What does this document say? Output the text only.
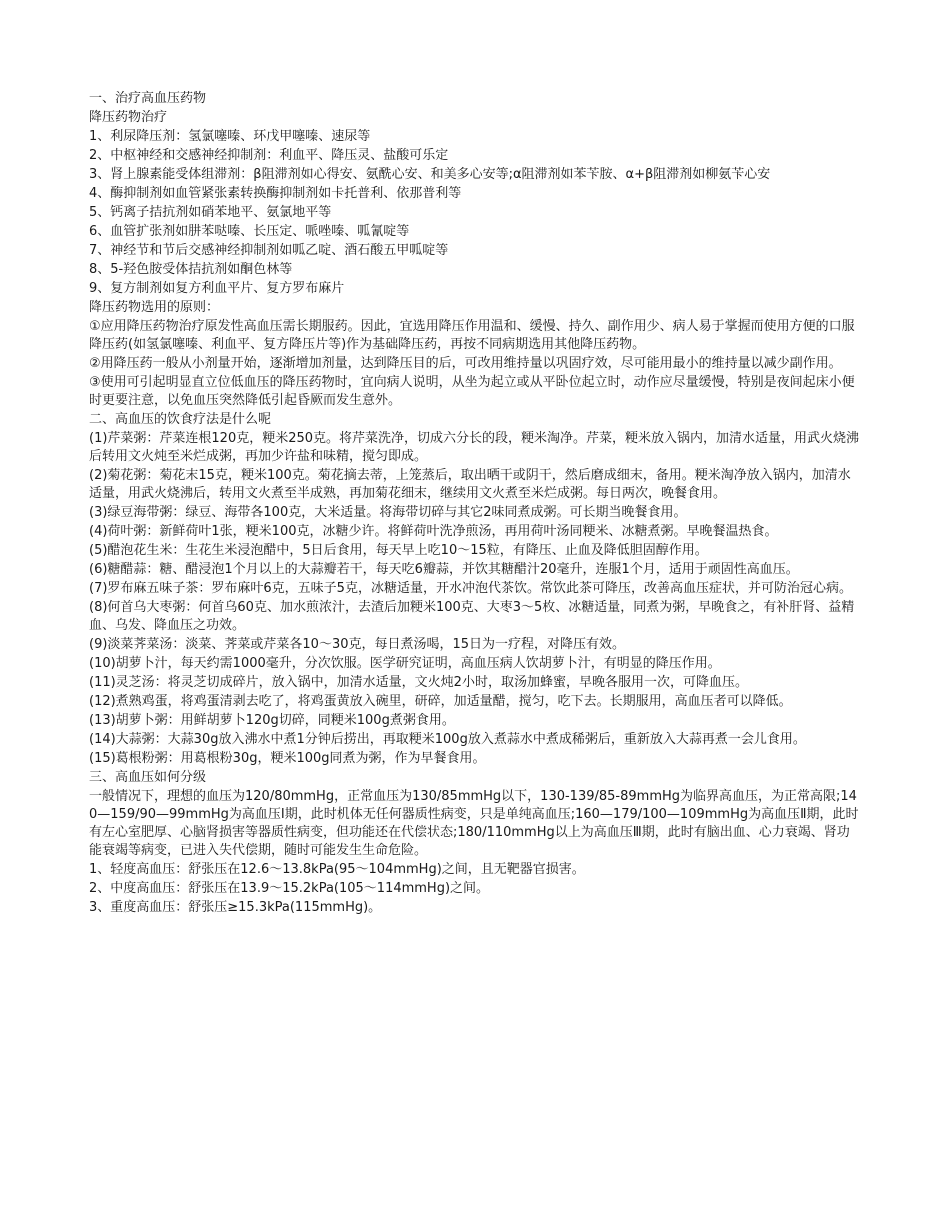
一、治疗高血压药物

降压药物治疗

1、利尿降压剂：氢氯噻嗪、环戊甲噻嗪、速尿等

2、中枢神经和交感神经抑制剂：利血平、降压灵、盐酸可乐定

3、肾上腺素能受体组滞剂：β阻滞剂如心得安、氨酰心安、和美多心安等;α阻滞剂如苯苄胺、α+β阻滞剂如柳氨苄心安

4、酶抑制剂如血管紧张素转换酶抑制剂如卡托普利、依那普利等

5、钙离子拮抗剂如硝苯地平、氨氯地平等

6、血管扩张剂如肼苯哒嗪、长压定、哌唑嗪、呱氰啶等

7、神经节和节后交感神经抑制剂如呱乙啶、酒石酸五甲呱啶等

8、5-羟色胺受体拮抗剂如酮色林等

9、复方制剂如复方利血平片、复方罗布麻片

降压药物选用的原则：

①应用降压药物治疗原发性高血压需长期服药。因此，宜选用降压作用温和、缓慢、持久、副作用少、病人易于掌握而使用方便的口服降压药(如氢氯噻嗪、利血平、复方降压片等)作为基础降压药，再按不同病期选用其他降压药物。

②用降压药一般从小剂量开始，逐渐增加剂量，达到降压目的后，可改用维持量以巩固疗效，尽可能用最小的维持量以减少副作用。

③使用可引起明显直立位低血压的降压药物时，宜向病人说明，从坐为起立或从平卧位起立时，动作应尽量缓慢，特别是夜间起床小便时更要注意，以免血压突然降低引起昏厥而发生意外。

二、高血压的饮食疗法是什么呢

(1)芹菜粥：芹菜连根120克，粳米250克。将芹菜洗净，切成六分长的段，粳米淘净。芹菜，粳米放入锅内，加清水适量，用武火烧沸后转用文火炖至米烂成粥，再加少许盐和味精，搅匀即成。

(2)菊花粥：菊花末15克，粳米100克。菊花摘去蒂，上笼蒸后，取出晒干或阴干，然后磨成细末，备用。粳米淘净放入锅内，加清水适量，用武火烧沸后，转用文火煮至半成熟，再加菊花细末，继续用文火煮至米烂成粥。每日两次，晚餐食用。

(3)绿豆海带粥：绿豆、海带各100克，大米适量。将海带切碎与其它2味同煮成粥。可长期当晚餐食用。

(4)荷叶粥：新鲜荷叶1张，粳米100克，冰糖少许。将鲜荷叶洗净煎汤，再用荷叶汤同粳米、冰糖煮粥。早晚餐温热食。

(5)醋泡花生米：生花生米浸泡醋中，5日后食用，每天早上吃10～15粒，有降压、止血及降低胆固醇作用。

(6)糖醋蒜：糖、醋浸泡1个月以上的大蒜瓣若干，每天吃6瓣蒜，并饮其糖醋汁20毫升，连服1个月，适用于顽固性高血压。

(7)罗布麻五味子茶：罗布麻叶6克，五味子5克，冰糖适量，开水冲泡代茶饮。常饮此茶可降压，改善高血压症状，并可防治冠心病。

(8)何首乌大枣粥：何首乌60克、加水煎浓汁，去渣后加粳米100克、大枣3～5枚、冰糖适量，同煮为粥，早晚食之，有补肝肾、益精血、乌发、降血压之功效。

(9)淡菜荠菜汤：淡菜、荠菜或芹菜各10～30克，每日煮汤喝，15日为一疗程，对降压有效。

(10)胡萝卜汁，每天约需1000毫升，分次饮服。医学研究证明，高血压病人饮胡萝卜汁，有明显的降压作用。

(11)灵芝汤：将灵芝切成碎片，放入锅中，加清水适量，文火炖2小时，取汤加蜂蜜，早晚各服用一次，可降血压。

(12)煮熟鸡蛋，将鸡蛋清剥去吃了，将鸡蛋黄放入碗里，研碎，加适量醋，搅匀，吃下去。长期服用，高血压者可以降低。

(13)胡萝卜粥：用鲜胡萝卜120g切碎，同粳米100g煮粥食用。

(14)大蒜粥：大蒜30g放入沸水中煮1分钟后捞出，再取粳米100g放入煮蒜水中煮成稀粥后，重新放入大蒜再煮一会儿食用。

(15)葛根粉粥：用葛根粉30g，粳米100g同煮为粥，作为早餐食用。

三、高血压如何分级

一般情况下，理想的血压为120/80mmHg，正常血压为130/85mmHg以下，130-139/85-89mmHg为临界高血压，为正常高限;140—159/90—99mmHg为高血压Ⅰ期，此时机体无任何器质性病变，只是单纯高血压;160—179/100—109mmHg为高血压Ⅱ期，此时有左心室肥厚、心脑肾损害等器质性病变，但功能还在代偿状态;180/110mmHg以上为高血压Ⅲ期，此时有脑出血、心力衰竭、肾功能衰竭等病变，已进入失代偿期，随时可能发生生命危险。

1、轻度高血压：舒张压在12.6～13.8kPa(95～104mmHg)之间，且无靶器官损害。

2、中度高血压：舒张压在13.9～15.2kPa(105～114mmHg)之间。

3、重度高血压：舒张压≥15.3kPa(115mmHg)。
